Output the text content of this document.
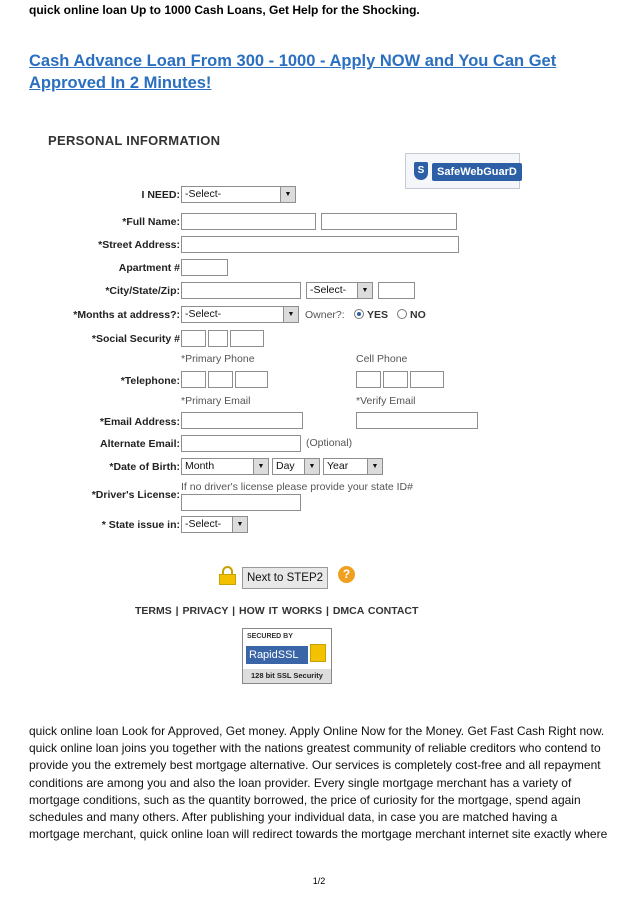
quick online loan Up to 1000 Cash Loans, Get Help for the Shocking.
Cash Advance Loan From 300 - 1000 - Apply NOW and You Can Get Approved In 2 Minutes!
PERSONAL INFORMATION
S	SafeWebGuarD
I NEED: -Select-	▼
*Full Name:
*Street Address:
Apartment #
*City/State/Zip:	-Select-	▼
*Months at address?: -Select-	▼	Owner?: YES NO
*Social Security #
*Primary Phone	Cell Phone
*Telephone:
*Primary Email	*Verify Email
*Email Address:
Alternate Email:	(Optional)
*Date of Birth: Month	▼	Day	▼	Year	▼
If no driver's license please provide your state ID#
*Driver's License:
* State issue in: -Select-	▼
Next to STEP2	?
TERMS | PRIVACY | HOW IT WORKS | DMCA CONTACT
SECURED BY
RapidSSL
128 bit SSL Security
quick online loan Look for Approved, Get money. Apply Online Now for the Money. Get Fast Cash Right now. quick online loan joins you together with the nations greatest community of reliable creditors who contend to provide you the extremely best mortgage alternative. Our services is completely cost-free and all repayment conditions are among you and also the loan provider. Every single mortgage merchant has a variety of mortgage conditions, such as the quantity borrowed, the price of curiosity for the mortgage, spend again schedules and many others. After publishing your individual data, in case you are matched having a mortgage merchant, quick online loan will redirect towards the mortgage merchant internet site exactly where
1/2
